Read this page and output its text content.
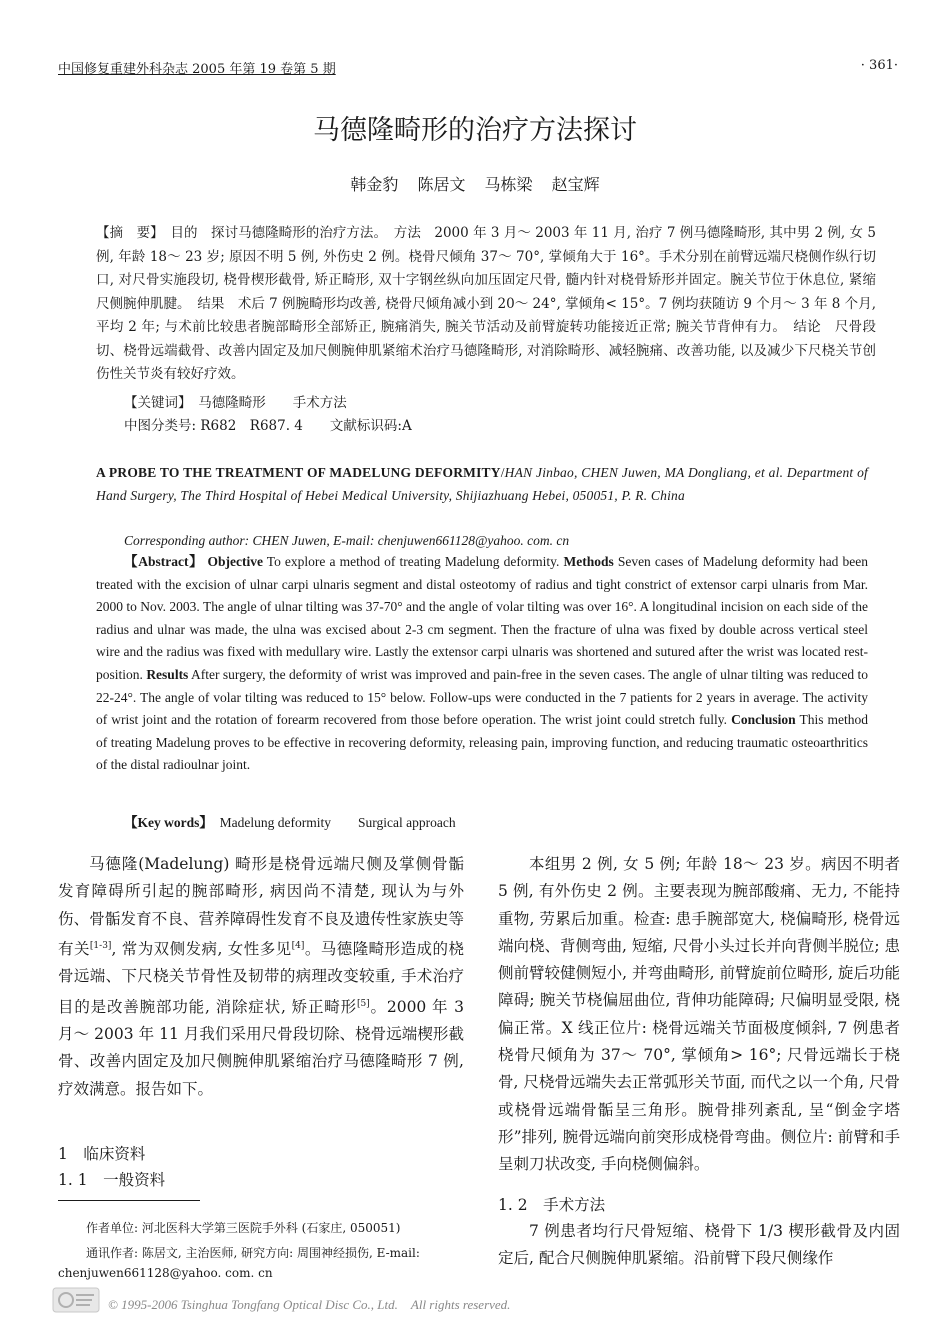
中国修复重建外科杂志 2005 年第 19 卷第 5 期	· 361·
马德隆畸形的治疗方法探讨
韩金豹 陈居文 马栋梁 赵宝辉
【摘　要】　目的　探讨马德隆畸形的治疗方法。　方法　2000 年 3 月～ 2003 年 11 月, 治疗 7 例马德隆畸形, 其中男 2 例, 女 5 例, 年龄 18～ 23 岁; 原因不明 5 例, 外伤史 2 例。桡骨尺倾角 37～ 70°, 掌倾角大于 16°。手术分别在前臂远端尺桡侧作纵行切口, 对尺骨实施段切, 桡骨楔形截骨, 矫正畸形, 双十字钢丝纵向加压固定尺骨, 髓内针对桡骨矫形并固定。腕关节位于休息位, 紧缩尺侧腕伸肌腱。　结果　术后 7 例腕畸形均改善, 桡骨尺倾角减小到 20～ 24°, 掌倾角< 15°。7 例均获随访 9 个月～ 3 年 8 个月, 平均 2 年; 与术前比较患者腕部畸形全部矫正, 腕痛消失, 腕关节活动及前臂旋转功能接近正常; 腕关节背伸有力。　结论　尺骨段切、桡骨远端截骨、改善内固定及加尺侧腕伸肌紧缩术治疗马德隆畸形, 对消除畸形、减轻腕痛、改善功能, 以及减少下尺桡关节创伤性关节炎有较好疗效。
【关键词】　 马德隆畸形　　手术方法
中图分类号: R682　R687. 4　　 文献标识码:A
A PROBE TO THE TREATMENT OF MADELUNG DEFORMITY/HAN Jinbao, CHEN Juwen, MA Dongliang, et al. Department of Hand Surgery, The Third Hospital of Hebei Medical University, Shijiazhuang Hebei, 050051, P. R. China
Corresponding author: CHEN Juwen, E-mail: chenjuwen661128@yahoo. com. cn
【Abstract】 Objective To explore a method of treating Madelung deformity. Methods Seven cases of Madelung deformity had been treated with the excision of ulnar carpi ulnaris segment and distal osteotomy of radius and tight constrict of extensor carpi ulnaris from Mar. 2000 to Nov. 2003. The angle of ulnar tilting was 37-70° and the angle of volar tilting was over 16°. A longitudinal incision on each side of the radius and ulnar was made, the ulna was excised about 2-3 cm segment. Then the fracture of ulna was fixed by double across vertical steel wire and the radius was fixed with medullary wire. Lastly the extensor carpi ulnaris was shortened and sutured after the wrist was located rest-position. Results After surgery, the deformity of wrist was improved and pain-free in the seven cases. The angle of ulnar tilting was reduced to 22-24°. The angle of volar tilting was reduced to 15° below. Follow-ups were conducted in the 7 patients for 2 years in average. The activity of wrist joint and the rotation of forearm recovered from those before operation. The wrist joint could stretch fully. Conclusion This method of treating Madelung proves to be effective in recovering deformity, releasing pain, improving function, and reducing traumatic osteoarthritics of the distal radioulnar joint.
【Key words】　 Madelung deformity　　Surgical approach

马德隆(Madelung) 畸形是桡骨远端尺侧及掌侧骨骺发育障碍所引起的腕部畸形, 病因尚不清楚, 现认为与外伤、骨骺发育不良、营养障碍性发育不良及遗传性家族史等有关[1-3], 常为双侧发病, 女性多见[4]。马德隆畸形造成的桡骨远端、下尺桡关节骨性及韧带的病理改变较重, 手术治疗目的是改善腕部功能, 消除症状, 矫正畸形[5]。2000 年 3 月～ 2003 年 11 月我们采用尺骨段切除、桡骨远端楔形截骨、改善内固定及加尺侧腕伸肌紧缩治疗马德隆畸形 7 例, 疗效满意。报告如下。

1　临床资料
1. 1　一般资料
作者单位: 河北医科大学第三医院手外科 (石家庄, 050051)
通讯作者: 陈居文, 主治医师, 研究方向: 周围神经损伤, E-mail: chenjuwen661128@yahoo. com. cn

本组男 2 例, 女 5 例; 年龄 18～ 23 岁。病因不明者 5 例, 有外伤史 2 例。主要表现为腕部酸痛、无力, 不能持重物, 劳累后加重。检查: 患手腕部宽大, 桡偏畸形, 桡骨远端向桡、背侧弯曲, 短缩, 尺骨小头过长并向背侧半脱位; 患侧前臂较健侧短小, 并弯曲畸形, 前臂旋前位畸形, 旋后功能障碍; 腕关节桡偏屈曲位, 背伸功能障碍; 尺偏明显受限, 桡偏正常。X 线正位片: 桡骨远端关节面极度倾斜, 7 例患者桡骨尺倾角为 37～ 70°, 掌倾角> 16°; 尺骨远端长于桡骨, 尺桡骨远端失去正常弧形关节面, 而代之以一个角, 尺骨或桡骨远端骨骺呈三角形。腕骨排列紊乱, 呈“倒金字塔形”排列, 腕骨远端向前突形成桡骨弯曲。侧位片: 前臂和手呈刺刀状改变, 手向桡侧偏斜。

1. 2　手术方法

7 例患者均行尺骨短缩、桡骨下 1/3 楔形截骨及内固定后, 配合尺侧腕伸肌紧缩。沿前臂下段尺侧缘作

© 1995-2006 Tsinghua Tongfang Optical Disc Co., Ltd.　All rights reserved.
